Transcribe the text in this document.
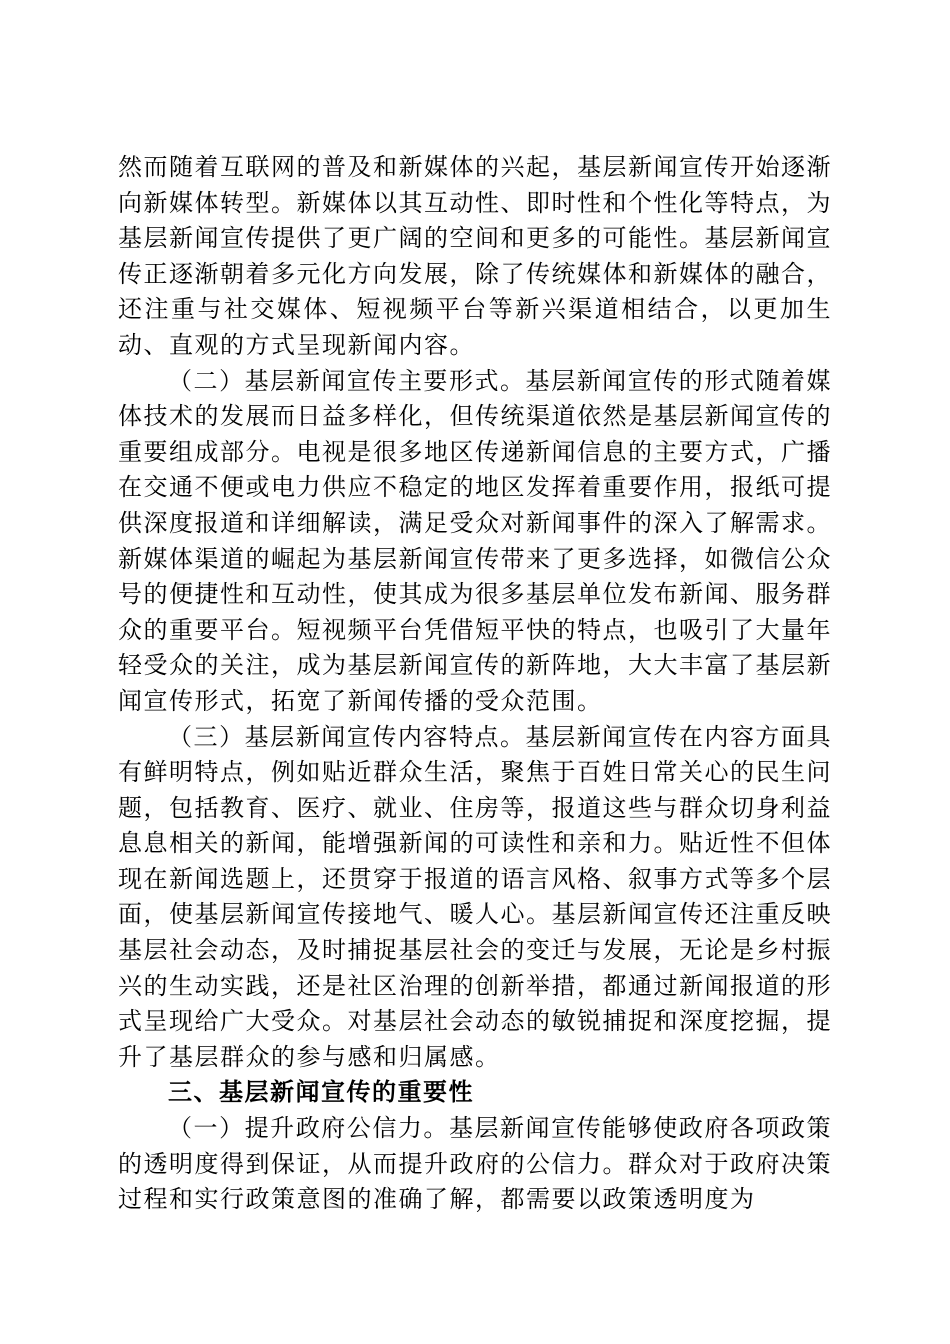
然而随着互联网的普及和新媒体的兴起，基层新闻宣传开始逐渐向新媒体转型。新媒体以其互动性、即时性和个性化等特点，为基层新闻宣传提供了更广阔的空间和更多的可能性。基层新闻宣传正逐渐朝着多元化方向发展，除了传统媒体和新媒体的融合，还注重与社交媒体、短视频平台等新兴渠道相结合，以更加生动、直观的方式呈现新闻内容。

（二）基层新闻宣传主要形式。基层新闻宣传的形式随着媒体技术的发展而日益多样化，但传统渠道依然是基层新闻宣传的重要组成部分。电视是很多地区传递新闻信息的主要方式，广播在交通不便或电力供应不稳定的地区发挥着重要作用，报纸可提供深度报道和详细解读，满足受众对新闻事件的深入了解需求。新媒体渠道的崛起为基层新闻宣传带来了更多选择，如微信公众号的便捷性和互动性，使其成为很多基层单位发布新闻、服务群众的重要平台。短视频平台凭借短平快的特点，也吸引了大量年轻受众的关注，成为基层新闻宣传的新阵地，大大丰富了基层新闻宣传形式，拓宽了新闻传播的受众范围。

（三）基层新闻宣传内容特点。基层新闻宣传在内容方面具有鲜明特点，例如贴近群众生活，聚焦于百姓日常关心的民生问题，包括教育、医疗、就业、住房等，报道这些与群众切身利益息息相关的新闻，能增强新闻的可读性和亲和力。贴近性不但体现在新闻选题上，还贯穿于报道的语言风格、叙事方式等多个层面，使基层新闻宣传接地气、暖人心。基层新闻宣传还注重反映基层社会动态，及时捕捉基层社会的变迁与发展，无论是乡村振兴的生动实践，还是社区治理的创新举措，都通过新闻报道的形式呈现给广大受众。对基层社会动态的敏锐捕捉和深度挖掘，提升了基层群众的参与感和归属感。

三、基层新闻宣传的重要性

（一）提升政府公信力。基层新闻宣传能够使政府各项政策的透明度得到保证，从而提升政府的公信力。群众对于政府决策过程和实行政策意图的准确了解，都需要以政策透明度为
